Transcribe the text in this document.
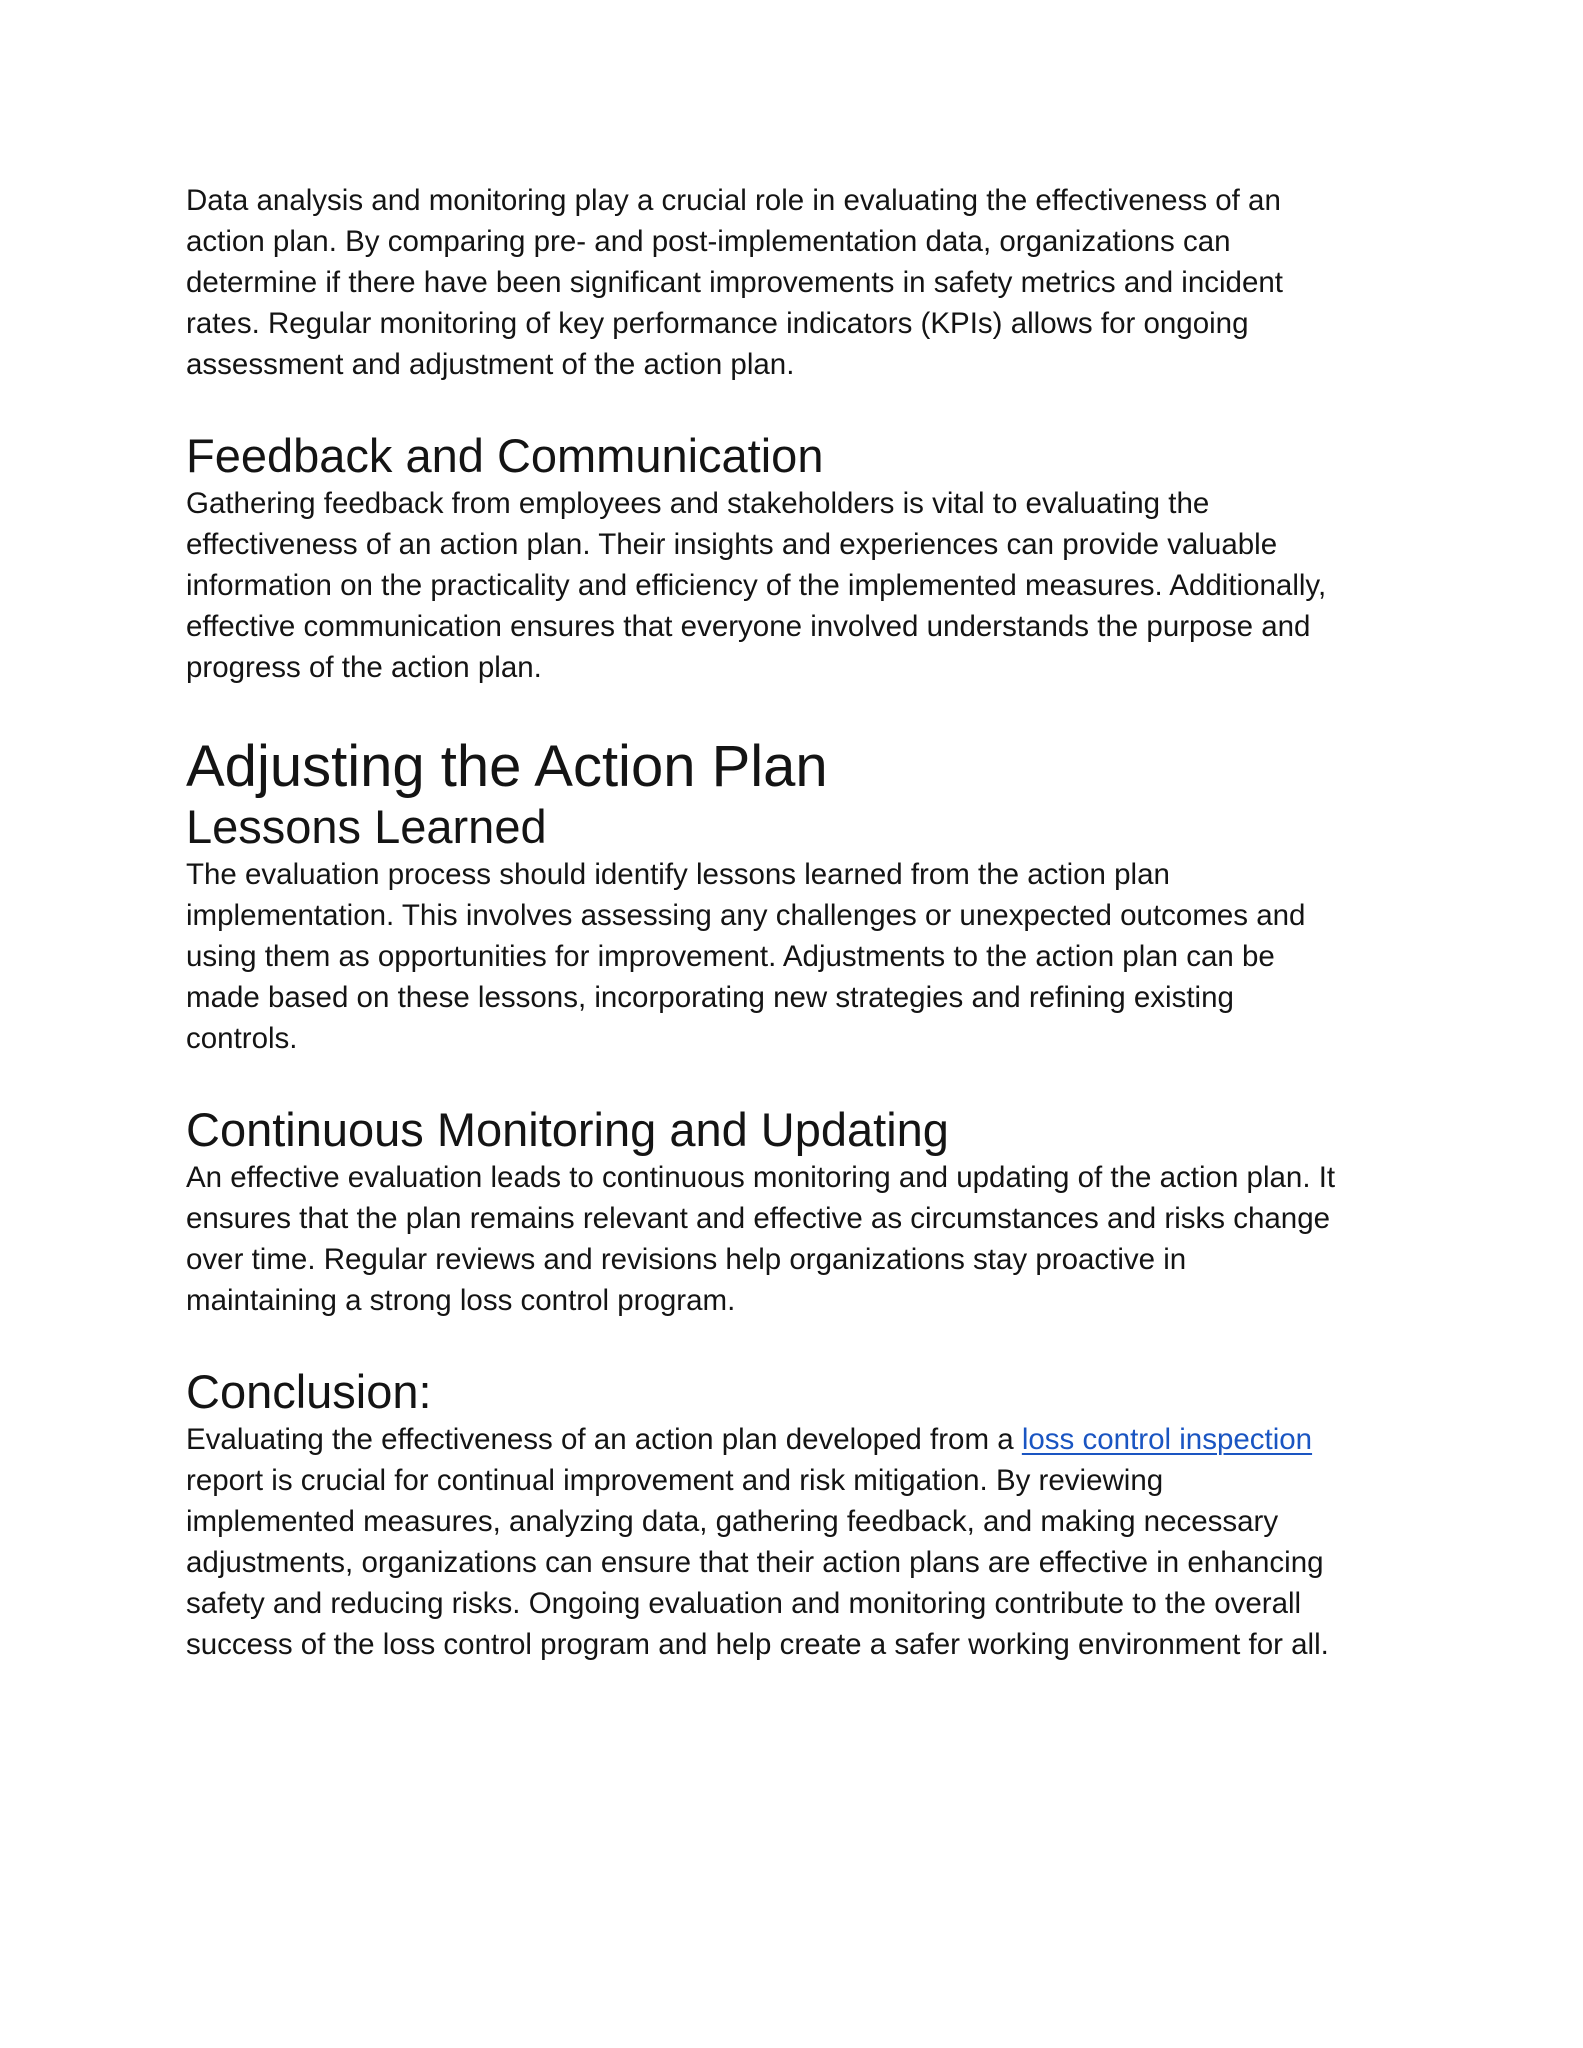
Data analysis and monitoring play a crucial role in evaluating the effectiveness of an
action plan. By comparing pre- and post-implementation data, organizations can
determine if there have been significant improvements in safety metrics and incident
rates. Regular monitoring of key performance indicators (KPIs) allows for ongoing
assessment and adjustment of the action plan.

Feedback and Communication

Gathering feedback from employees and stakeholders is vital to evaluating the
effectiveness of an action plan. Their insights and experiences can provide valuable
information on the practicality and efficiency of the implemented measures. Additionally,
effective communication ensures that everyone involved understands the purpose and
progress of the action plan.

Adjusting the Action Plan
Lessons Learned

The evaluation process should identify lessons learned from the action plan
implementation. This involves assessing any challenges or unexpected outcomes and
using them as opportunities for improvement. Adjustments to the action plan can be
made based on these lessons, incorporating new strategies and refining existing
controls.

Continuous Monitoring and Updating

An effective evaluation leads to continuous monitoring and updating of the action plan. It
ensures that the plan remains relevant and effective as circumstances and risks change
over time. Regular reviews and revisions help organizations stay proactive in
maintaining a strong loss control program.

Conclusion:

Evaluating the effectiveness of an action plan developed from a loss control inspection
report is crucial for continual improvement and risk mitigation. By reviewing
implemented measures, analyzing data, gathering feedback, and making necessary
adjustments, organizations can ensure that their action plans are effective in enhancing
safety and reducing risks. Ongoing evaluation and monitoring contribute to the overall
success of the loss control program and help create a safer working environment for all.
